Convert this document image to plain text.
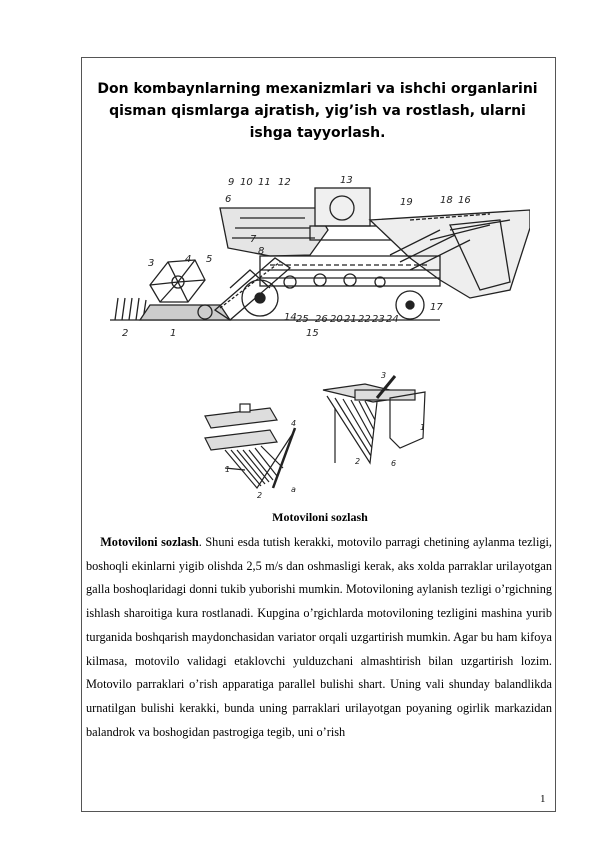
Don kombaynlarning mexanizmlari va ishchi organlarini qisman qismlarga ajratish, yig’ish va rostlash, ularni ishga tayyorlash.
9 10 11 12	13
6
7
8
5
4
3
2	1
14
15
19	18 16
17
26 20 21 22 23 24
25
3
4
1
2
a
1
2	6
Motoviloni sozlash
Motoviloni sozlash. Shuni esda tutish kerakki, motovilo parragi chetining aylanma tezligi, boshoqli ekinlarni yigib olishda 2,5 m/s dan oshmasligi kerak, aks xolda parraklar urilayotgan galla boshoqlaridagi donni tukib yuborishi mumkin. Motoviloning aylanish tezligi o’rgichning ishlash sharoitiga kura rostlanadi. Kupgina o’rgichlarda motoviloning tezligini mashina yurib turganida boshqarish maydonchasidan variator orqali uzgartirish mumkin. Agar bu ham kifoya kilmasa, motovilo validagi etaklovchi yulduzchani almashtirish bilan uzgartirish lozim. Motovilo parraklari o’rish apparatiga parallel bulishi shart. Uning vali shunday balandlikda urnatilgan bulishi kerakki, bunda uning parraklari urilayotgan poyaning ogirlik markazidan balandrok va boshogidan pastrogiga tegib, uni o’rish
1
